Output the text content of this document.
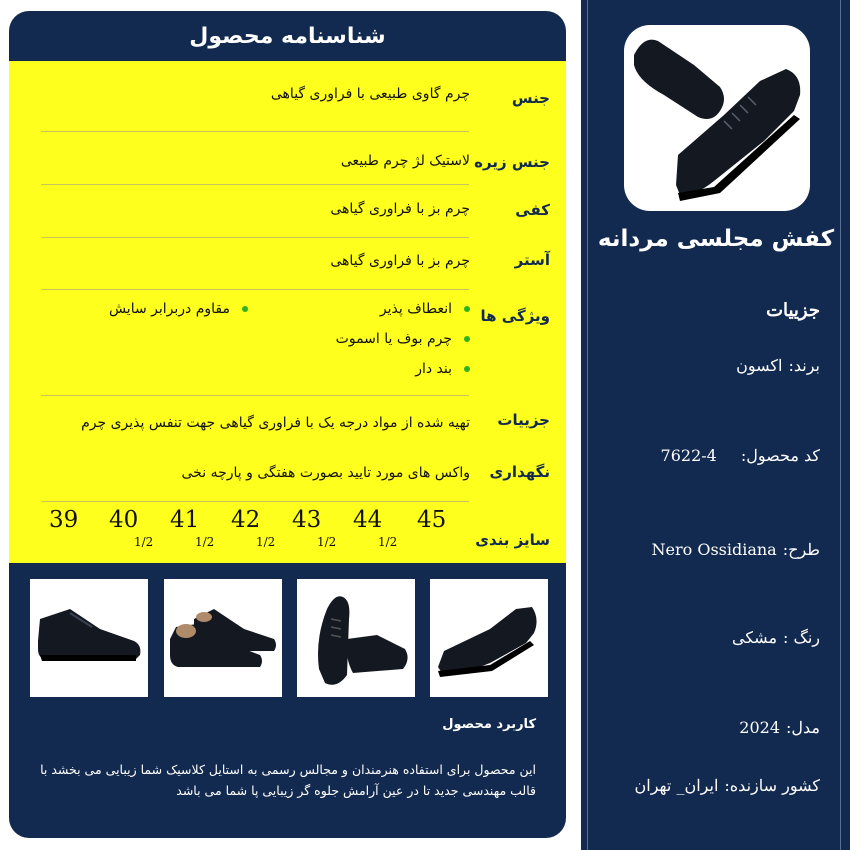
شناسنامه محصول
جنس
چرم گاوی طبیعی با فراوری گیاهی
جنس زیره
لاستیک لژ چرم طبیعی
کفی
چرم بز با فراوری گیاهی
آستر
چرم بز با فراوری گیاهی
ویژگی ها
انعطاف پذیر
چرم بوف یا اسموت
بند دار
مقاوم دربرابر سایش
جزییات
تهیه شده از مواد درجه یک با فراوری گیاهی جهت تنفس پذیری چرم
نگهداری
واکس های مورد تایید بصورت هفتگی و پارچه نخی
سایز بندی
45
44
1/2
43
1/2
42
1/2
41
1/2
40
1/2
39
کاربرد محصول
این محصول برای استفاده هنرمندان و مجالس رسمی به استایل کلاسیک شما زیبایی می بخشد با قالب مهندسی جدید تا در عین آرامش جلوه گر زیبایی پا شما می باشد
کفش مجلسی مردانه
جزییات
برند:اکسون
کد محصول:4-7622
طرح:Nero Ossidiana
رنگ :مشکی
مدل:2024
کشور سازنده:ایران_ تهران
